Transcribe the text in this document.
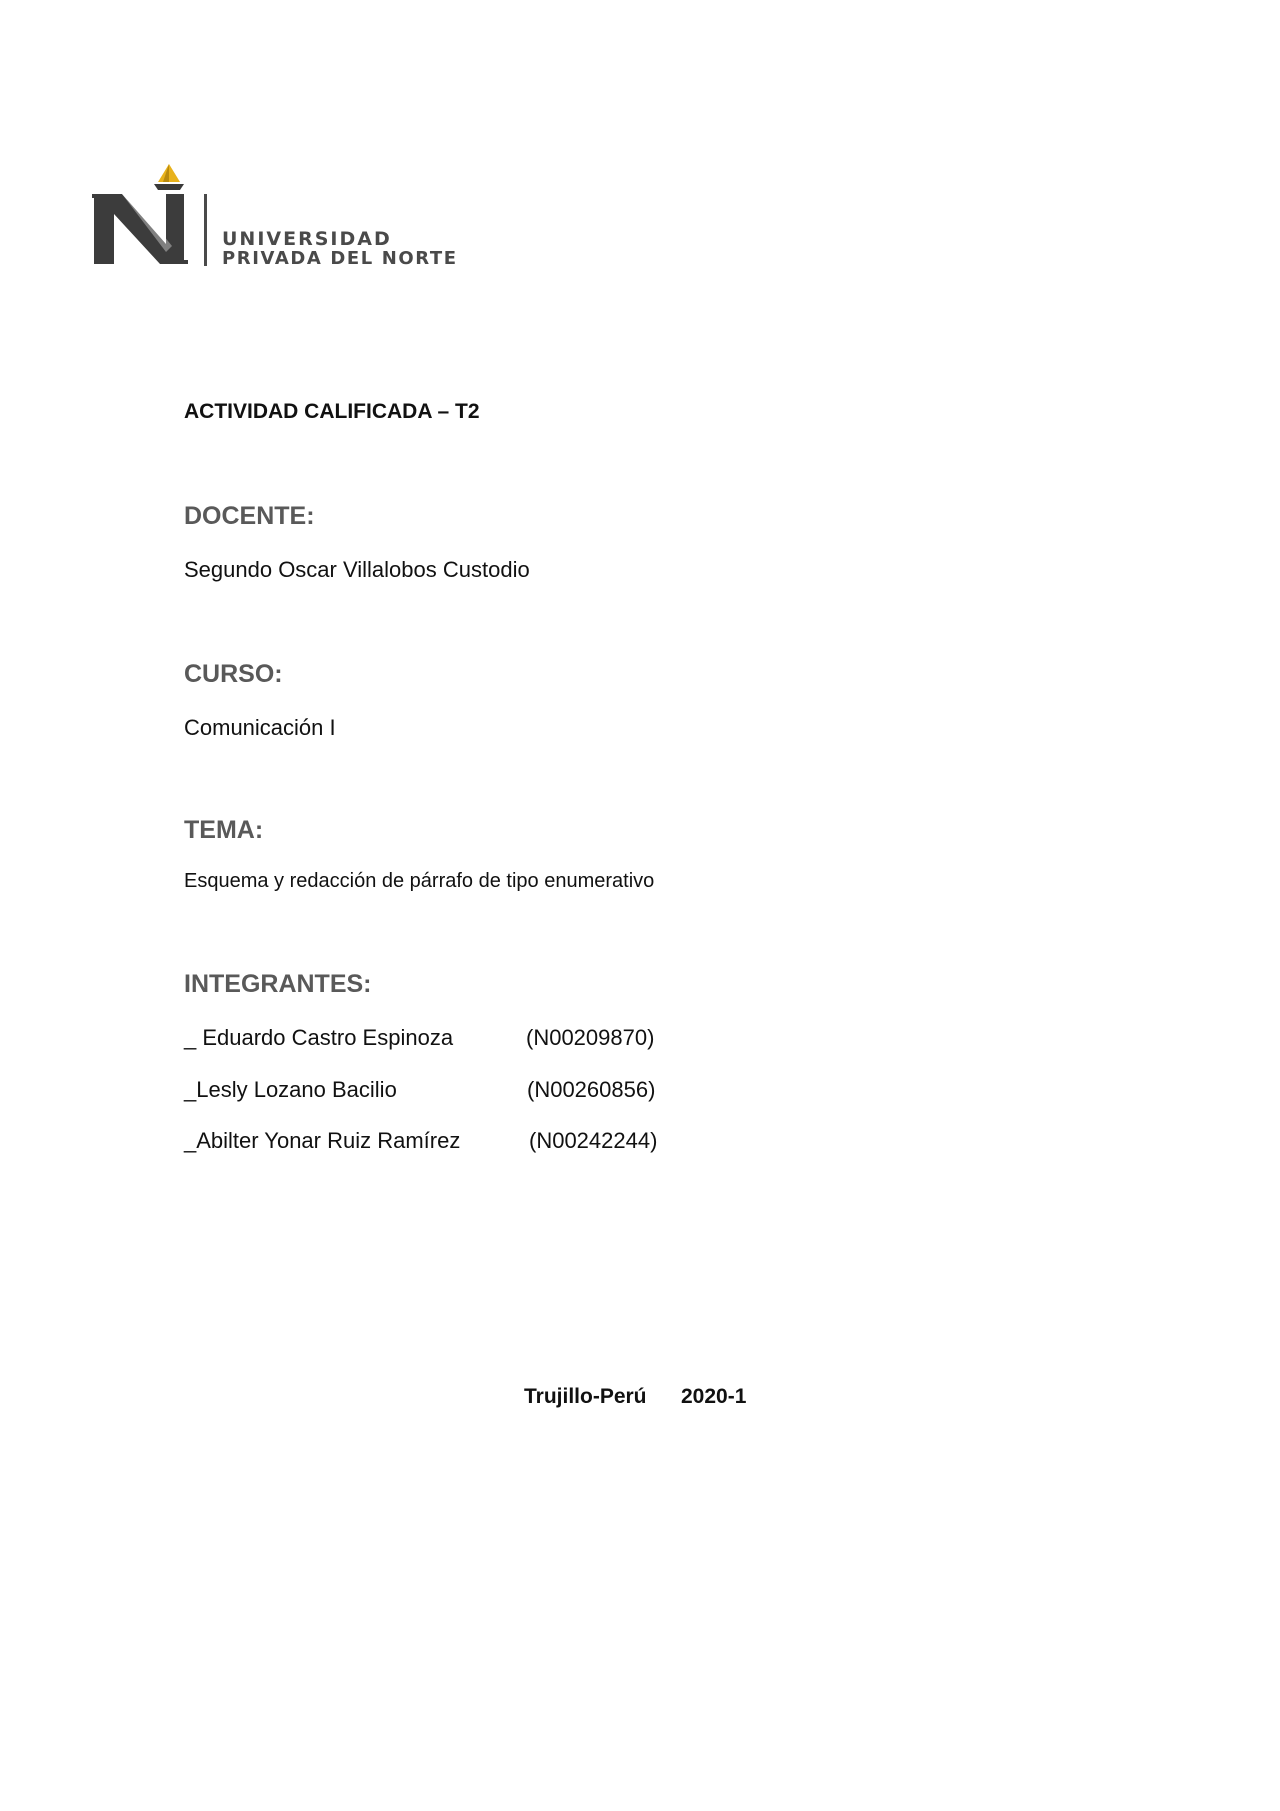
UNIVERSIDAD
PRIVADA DEL NORTE
ACTIVIDAD CALIFICADA – T2
DOCENTE:
Segundo Oscar Villalobos Custodio
CURSO:
Comunicación I
TEMA:
Esquema y redacción de párrafo de tipo enumerativo
INTEGRANTES:
_ Eduardo Castro Espinoza	(N00209870)
_Lesly Lozano Bacilio	(N00260856)
_Abilter Yonar Ruiz Ramírez	(N00242244)
Trujillo-Perú 2020-1
